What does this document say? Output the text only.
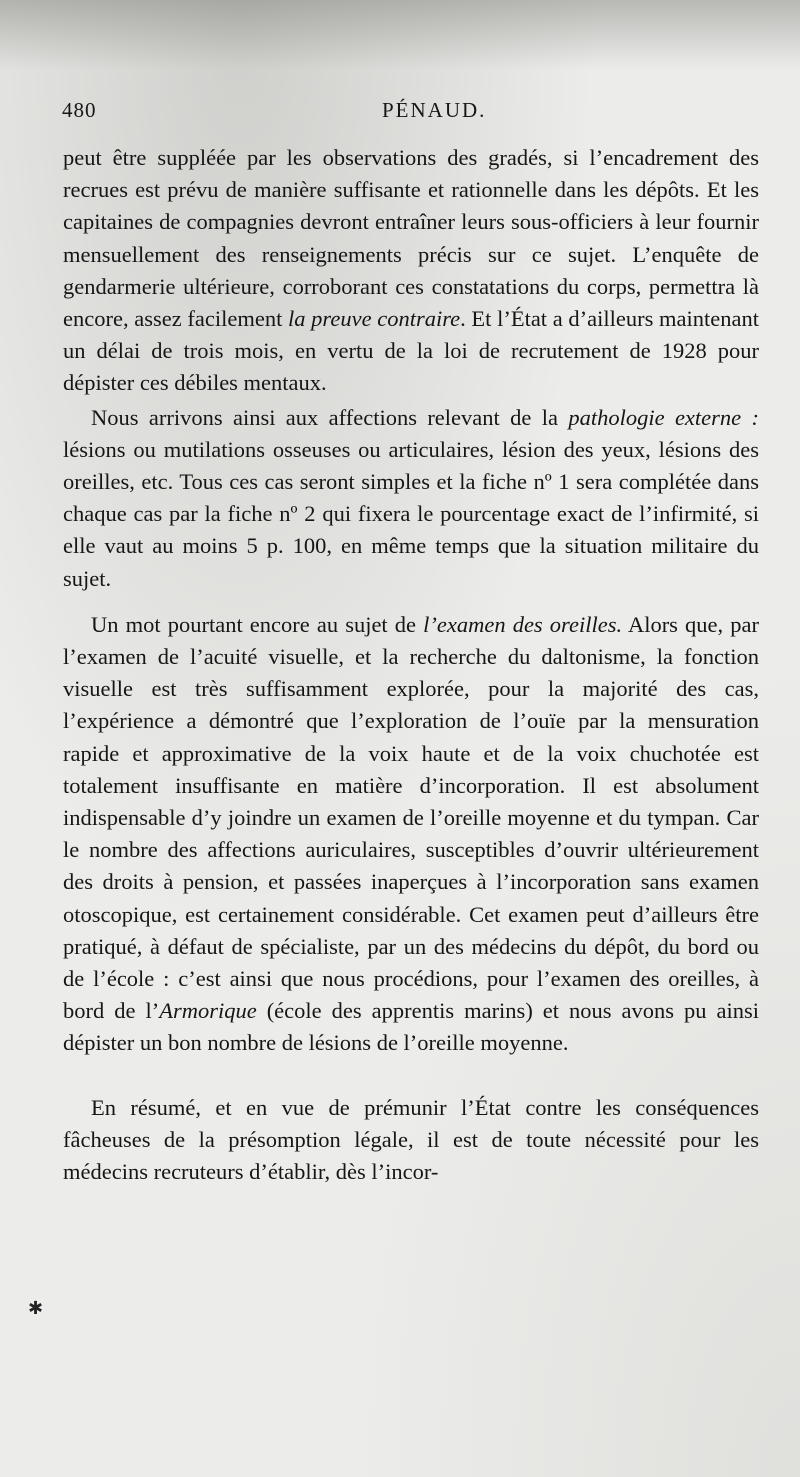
480	PÉNAUD.

peut être suppléée par les observations des gradés, si l’encadrement des recrues est prévu de manière suffisante et rationnelle dans les dépôts. Et les capitaines de compagnies devront entraîner leurs sous-officiers à leur fournir mensuellement des renseignements précis sur ce sujet. L’enquête de gendarmerie ultérieure, corroborant ces constatations du corps, permettra là encore, assez facilement la preuve contraire. Et l’État a d’ailleurs maintenant un délai de trois mois, en vertu de la loi de recrutement de 1928 pour dépister ces débiles mentaux.

Nous arrivons ainsi aux affections relevant de la pathologie externe : lésions ou mutilations osseuses ou articulaires, lésion des yeux, lésions des oreilles, etc. Tous ces cas seront simples et la fiche nº 1 sera complétée dans chaque cas par la fiche nº 2 qui fixera le pourcentage exact de l’infirmité, si elle vaut au moins 5 p. 100, en même temps que la situation militaire du sujet.

Un mot pourtant encore au sujet de l’examen des oreilles. Alors que, par l’examen de l’acuité visuelle, et la recherche du daltonisme, la fonction visuelle est très suffisamment explorée, pour la majorité des cas, l’expérience a démontré que l’exploration de l’ouïe par la mensuration rapide et approximative de la voix haute et de la voix chuchotée est totalement insuffisante en matière d’incorporation. Il est absolument indispensable d’y joindre un examen de l’oreille moyenne et du tympan. Car le nombre des affections auriculaires, susceptibles d’ouvrir ultérieurement des droits à pension, et passées inaperçues à l’incorporation sans examen otoscopique, est certainement considérable. Cet examen peut d’ailleurs être pratiqué, à défaut de spécialiste, par un des médecins du dépôt, du bord ou de l’école : c’est ainsi que nous procédions, pour l’examen des oreilles, à bord de l’Armorique (école des apprentis marins) et nous avons pu ainsi dépister un bon nombre de lésions de l’oreille moyenne.

En résumé, et en vue de prémunir l’État contre les conséquences fâcheuses de la présomption légale, il est de toute nécessité pour les médecins recruteurs d’établir, dès l’incor-

✱
